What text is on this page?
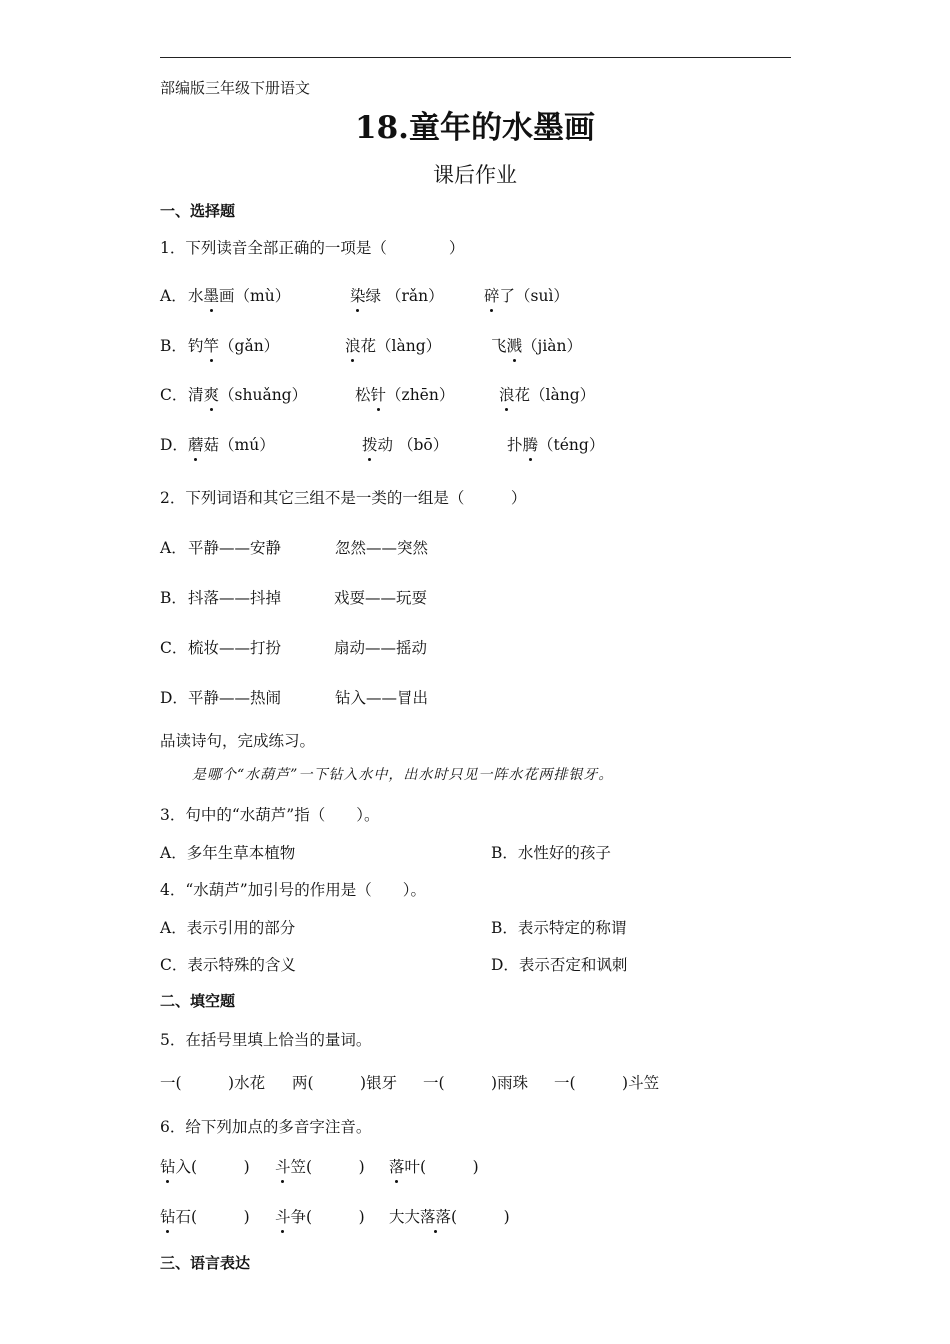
部编版三年级下册语文
18.童年的水墨画
课后作业
一、选择题
1．下列读音全部正确的一项是（　　　　）
A． 水墨画（mù）	染绿 （rǎn）	碎了（suì）
B． 钓竿（gǎn）	浪花（làng）	飞溅（jiàn）
C． 清爽（shuǎng）	松针（zhēn）	浪花（làng）
D． 蘑菇（mú）	拨动 （bō）	扑腾（téng）
2．下列词语和其它三组不是一类的一组是（　　　）
A． 平静——安静	忽然——突然
B． 抖落——抖掉	戏耍——玩耍
C． 梳妆——打扮	扇动——摇动
D． 平静——热闹	钻入——冒出
品读诗句，完成练习。
是哪个“水葫芦”一下钻入水中，出水时只见一阵水花两排银牙。
3．句中的“水葫芦”指（　　）。
A．多年生草本植物	B．水性好的孩子
4．“水葫芦”加引号的作用是（　　）。
A．表示引用的部分	B．表示特定的称谓
C．表示特殊的含义	D．表示否定和讽刺
二、填空题
5．在括号里填上恰当的量词。
一(　　　)水花 两(　　　)银牙 一(　　　)雨珠 一(　　　)斗笠
6．给下列加点的多音字注音。
钻入(　　　) 斗笠(　　　) 落叶(　　　)
钻石(　　　) 斗争(　　　) 大大落落(　　　)
三、语言表达
